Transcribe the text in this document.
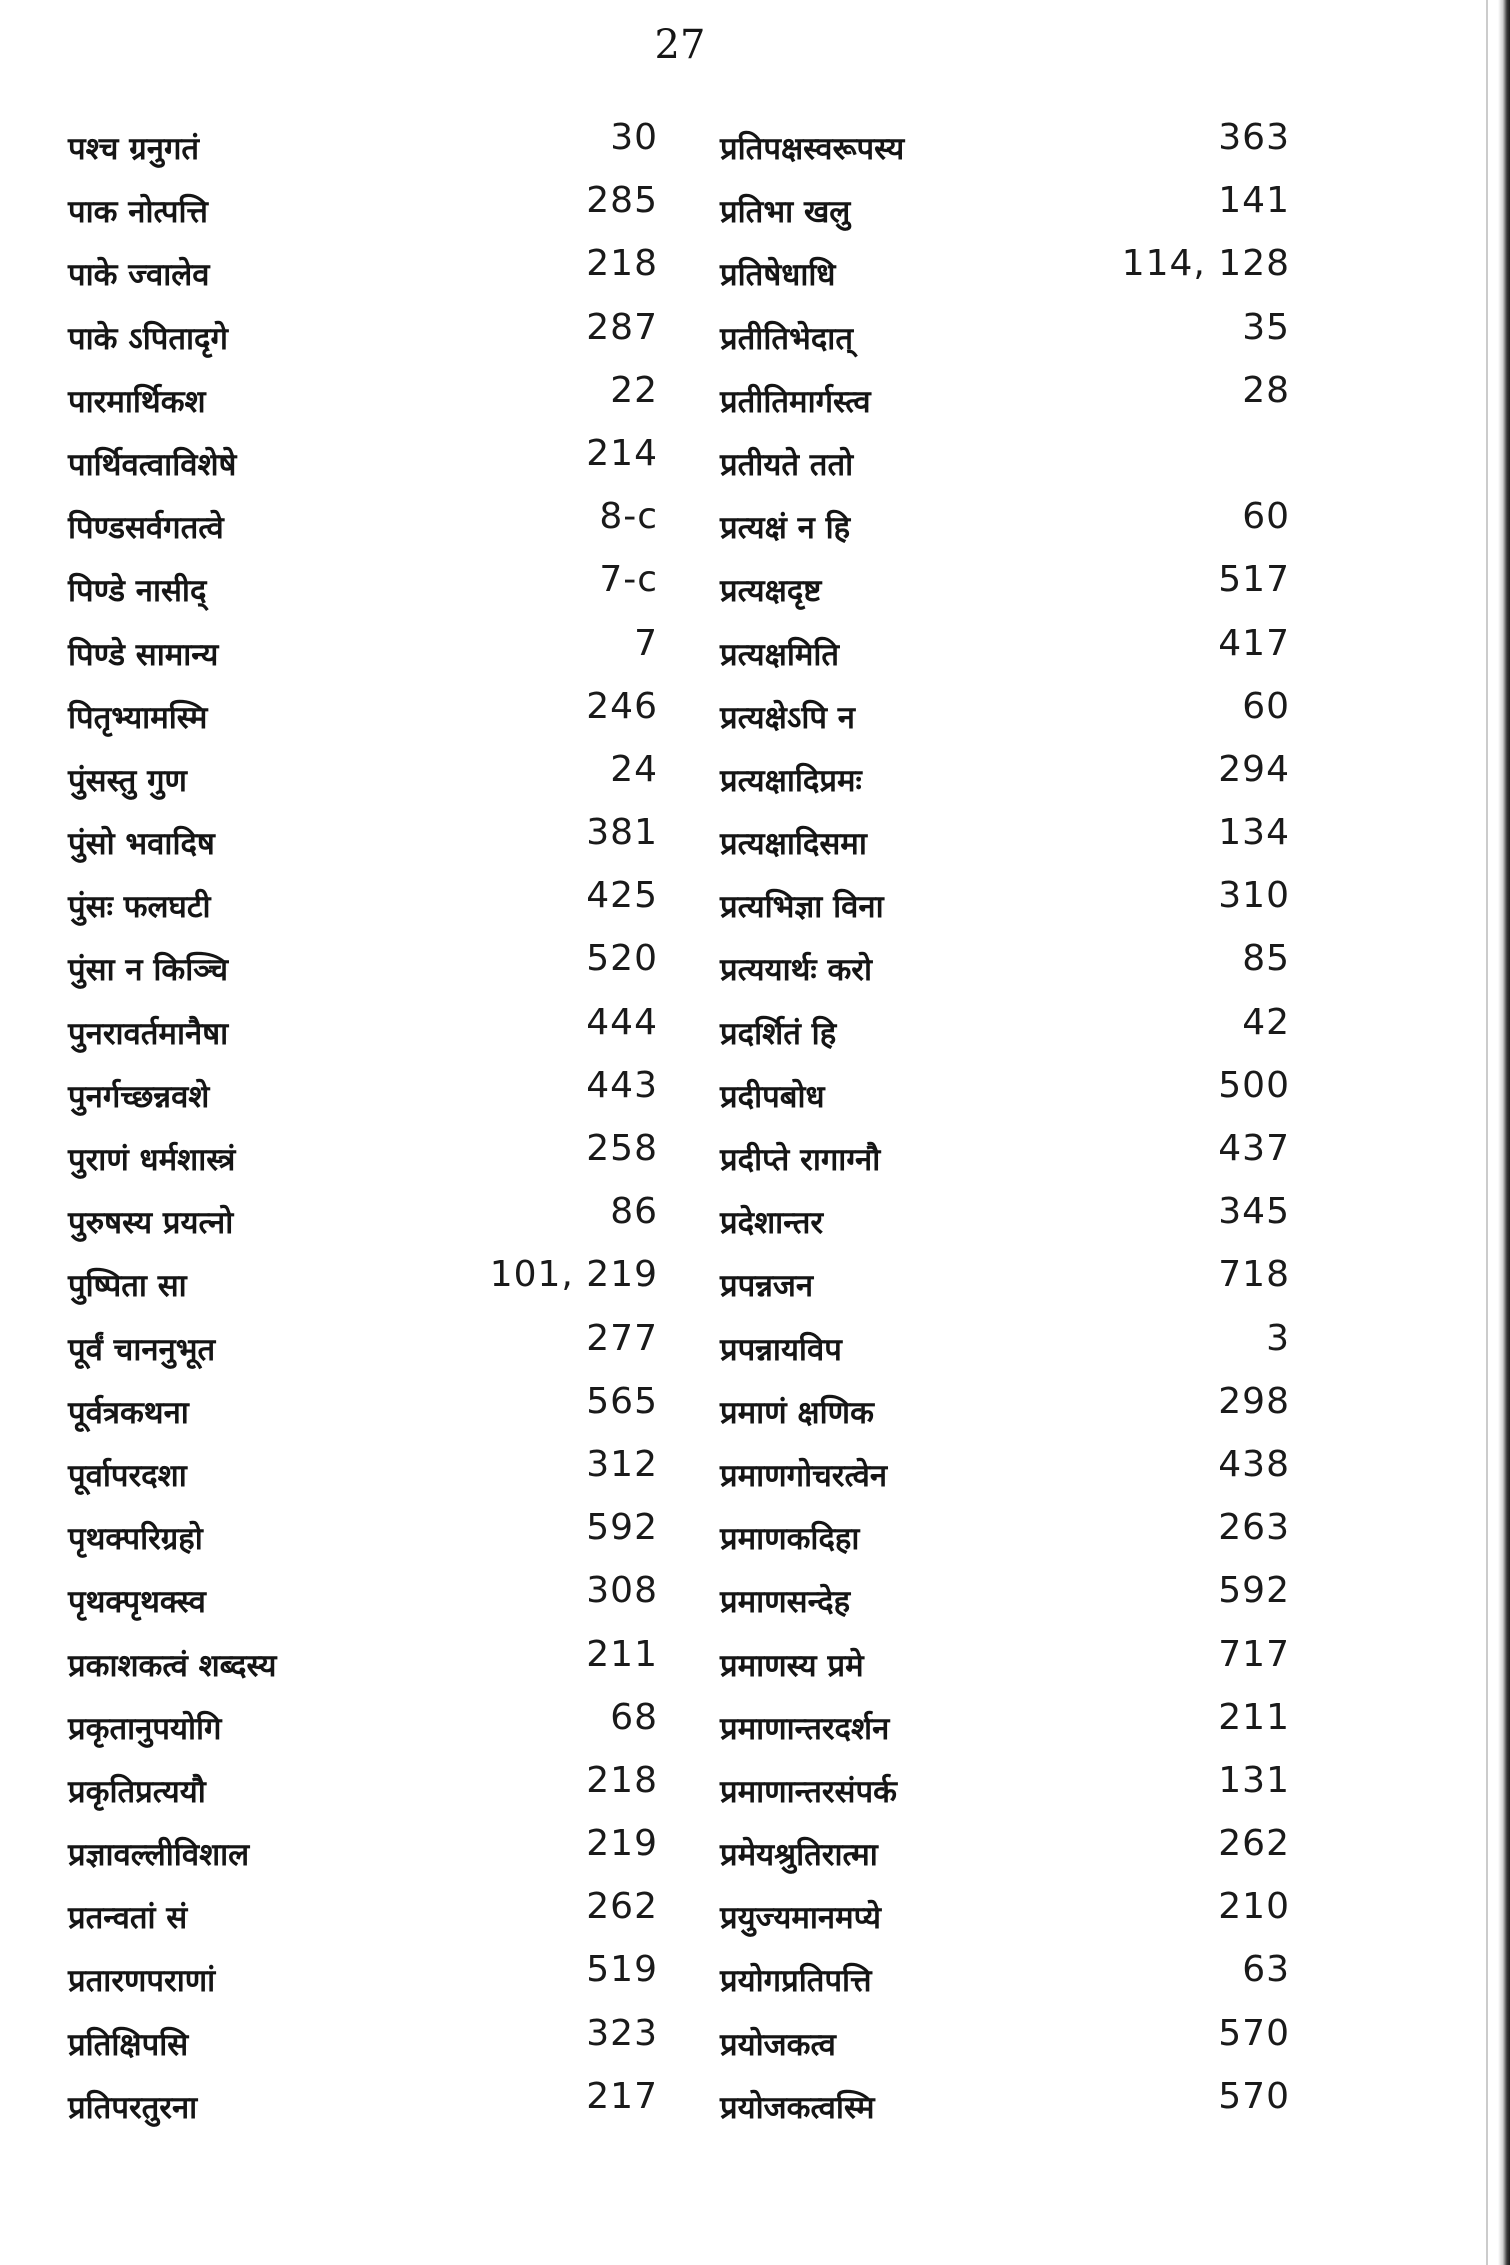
27
पश्च ग्रनुगतं	30
पाक नोत्पत्ति	285
पाके ज्वालेव	218
पाके ऽपितादृगे	287
पारमार्थिकश	22
पार्थिवत्वाविशेषे	214
पिण्डसर्वगतत्वे	8-c
पिण्डे नासीद्	7-c
पिण्डे सामान्य	7
पितृभ्यामस्मि	246
पुंसस्तु गुण	24
पुंसो भवादिष	381
पुंसः फलघटी	425
पुंसा न किञ्चि	520
पुनरावर्तमानैषा	444
पुनर्गच्छन्नवशे	443
पुराणं धर्मशास्त्रं	258
पुरुषस्य प्रयत्नो	86
पुष्पिता सा	101, 219
पूर्वं चाननुभूत	277
पूर्वत्रकथना	565
पूर्वापरदशा	312
पृथक्परिग्रहो	592
पृथक्पृथक्स्व	308
प्रकाशकत्वं शब्दस्य	211
प्रकृतानुपयोगि	68
प्रकृतिप्रत्ययौ	218
प्रज्ञावल्लीविशाल	219
प्रतन्वतां सं	262
प्रतारणपराणां	519
प्रतिक्षिपसि	323
प्रतिपरतुरना	217
प्रतिपक्षस्वरूपस्य	363
प्रतिभा खलु	141
प्रतिषेधाधि	114, 128
प्रतीतिभेदात्	35
प्रतीतिमार्गस्त्व	28
प्रतीयते ततो
प्रत्यक्षं न हि	60
प्रत्यक्षदृष्ट	517
प्रत्यक्षमिति	417
प्रत्यक्षेऽपि न	60
प्रत्यक्षादिप्रमः	294
प्रत्यक्षादिसमा	134
प्रत्यभिज्ञा विना	310
प्रत्ययार्थः करो	85
प्रदर्शितं हि	42
प्रदीपबोध	500
प्रदीप्ते रागाग्नौ	437
प्रदेशान्तर	345
प्रपन्नजन	718
प्रपन्नायविप	3
प्रमाणं क्षणिक	298
प्रमाणगोचरत्वेन	438
प्रमाणकदिहा	263
प्रमाणसन्देह	592
प्रमाणस्य प्रमे	717
प्रमाणान्तरदर्शन	211
प्रमाणान्तरसंपर्क	131
प्रमेयश्रुतिरात्मा	262
प्रयुज्यमानमप्ये	210
प्रयोगप्रतिपत्ति	63
प्रयोजकत्व	570
प्रयोजकत्वस्मि	570
